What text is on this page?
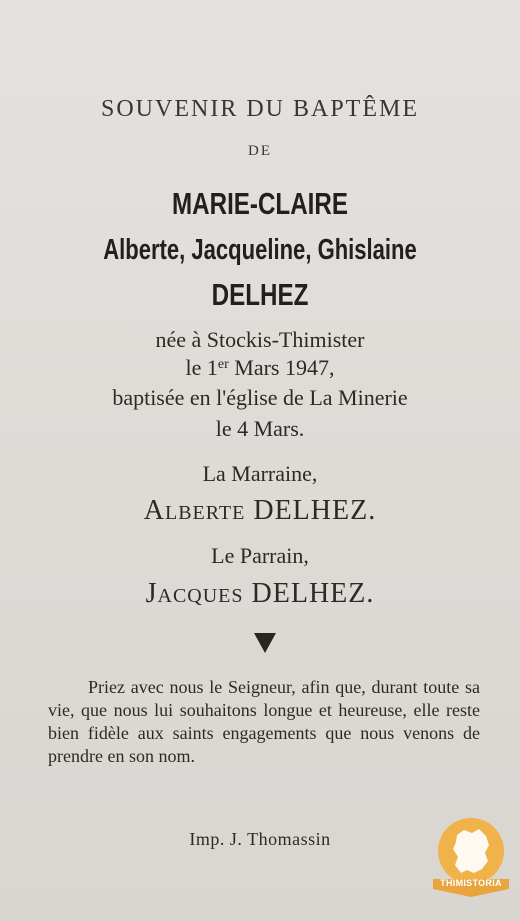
SOUVENIR DU BAPTÊME
DE
MARIE-CLAIRE
Alberte, Jacqueline, Ghislaine
DELHEZ
née à Stockis-Thimister
le 1er Mars 1947,
baptisée en l'église de La Minerie
le 4 Mars.
La Marraine,
Alberte DELHEZ.
Le Parrain,
Jacques DELHEZ.
Priez avec nous le Seigneur, afin que, durant toute sa vie, que nous lui souhaitons longue et heureuse, elle reste bien fidèle aux saints engagements que nous venons de prendre en son nom.
Imp. J. Thomassin
THIMISTORIA
